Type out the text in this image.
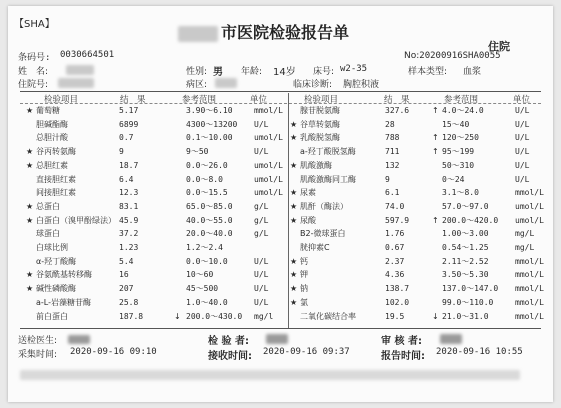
【SHA】	市医院检验报告单
住院
条码号: 0030664501	No:20200916SHA0055
姓　名:	性别: 男 年龄: 14岁 床号: w2-35	样本类型: 血浆
住院号:	病区:	临床诊断: 胸腔积液
检验项目	结　果	参考范围	单位	检验项目	结　果	参考范围	单位
★ 葡萄糖	5.17	3.90～6.10	mmol/L
胆碱酯酶	6899	4300～13200 U/L
总胆汁酸	0.7	0.1～10.00	umol/L
★ 谷丙转氨酶	9	9～50	U/L
★ 总胆红素	18.7	0.0～26.0	umol/L
直接胆红素	6.4	0.0～8.0	umol/L
间接胆红素	12.3	0.0～15.5	umol/L
★ 总蛋白	83.1	65.0～85.0	g/L
★ 白蛋白（溴甲酚绿法） 45.9	40.0～55.0	g/L
球蛋白	37.2	20.0～40.0	g/L
白球比例	1.23	1.2～2.4
α-羟丁酸酶	5.4	0.0～10.0	U/L
★ 谷氨酰基转移酶	16	10～60	U/L
★ 碱性磷酸酶	207	45～500	U/L
a-L-岩藻糖苷酶	25.8	1.0～40.0	U/L
前白蛋白	187.8	↓ 200.0～430.0 mg/l
腺苷脱氨酶	327.6	↑ 4.0～24.0	U/L
★ 谷草转氨酶	28	15～40	U/L
★ 乳酸脱氢酶	788	↑ 120～250	U/L
a-羟丁酸脱氢酶	711	↑ 95～199	U/L
★ 肌酸激酶	132	50～310	U/L
肌酸激酶同工酶	9	0～24	U/L
★ 尿素	6.1	3.1～8.0	mmol/L
★ 肌酐（酶法）	74.0	57.0～97.0	umol/L
★ 尿酸	597.9	↑ 200.0～420.0 umol/L
B2-微球蛋白	1.76	1.00～3.00	mg/L
胱抑素C	0.67	0.54～1.25	mg/L
★ 钙	2.37	2.11～2.52	mmol/L
★ 钾	4.36	3.50～5.30	mmol/L
★ 钠	138.7	137.0～147.0 mmol/L
★ 氯	102.0	99.0～110.0	mmol/L
二氧化碳结合率	19.5	↓ 21.0～31.0	mmol/L
送检医生:	检 验 者:	审 核 者:
采集时间: 2020-09-16 09:10	接收时间: 2020-09-16 09:37	报告时间: 2020-09-16 10:55
